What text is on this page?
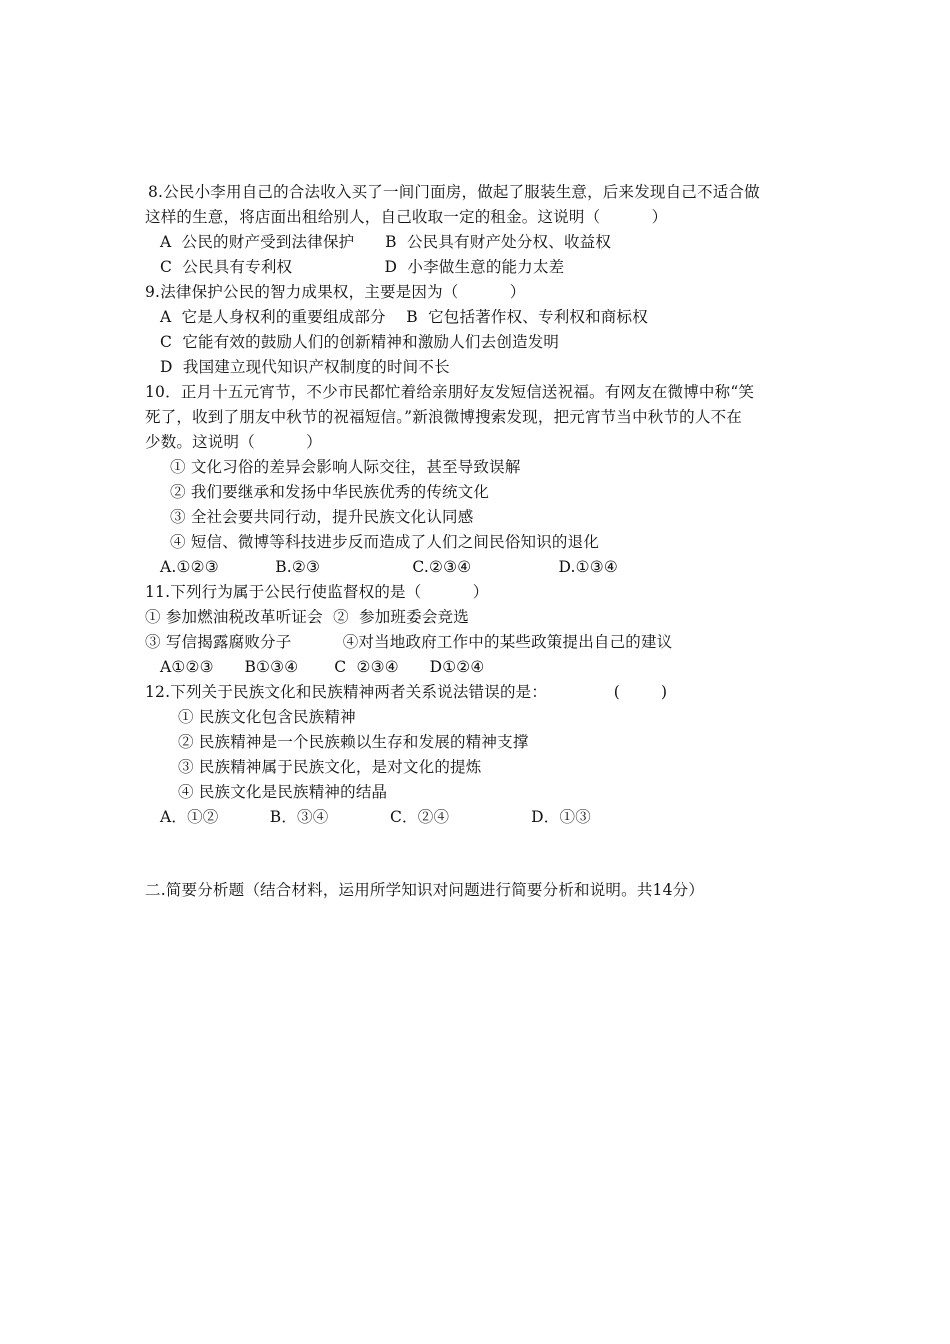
8.公民小李用自己的合法收入买了一间门面房，做起了服装生意，后来发现自己不适合做
这样的生意，将店面出租给别人，自己收取一定的租金。这说明（          ）
A  公民的财产受到法律保护      B  公民具有财产处分权、收益权
C  公民具有专利权                  D  小李做生意的能力太差
9.法律保护公民的智力成果权，主要是因为（          ）
A  它是人身权利的重要组成部分    B  它包括著作权、专利权和商标权
C  它能有效的鼓励人们的创新精神和激励人们去创造发明
D  我国建立现代知识产权制度的时间不长
10．正月十五元宵节，不少市民都忙着给亲朋好友发短信送祝福。有网友在微博中称“笑
死了，收到了朋友中秋节的祝福短信。”新浪微博搜索发现，把元宵节当中秋节的人不在
少数。这说明（          ）
① 文化习俗的差异会影响人际交往，甚至导致误解
② 我们要继承和发扬中华民族优秀的传统文化
③ 全社会要共同行动，提升民族文化认同感
④ 短信、微博等科技进步反而造成了人们之间民俗知识的退化
A.①②③           B.②③                  C.②③④                 D.①③④
11.下列行为属于公民行使监督权的是（          ）
① 参加燃油税改革听证会  ②  参加班委会竞选
③ 写信揭露腐败分子          ④对当地政府工作中的某些政策提出自己的建议
A①②③      B①③④       C  ②③④      D①②④
12.下列关于民族文化和民族精神两者关系说法错误的是：             (        )
① 民族文化包含民族精神
② 民族精神是一个民族赖以生存和发展的精神支撑
③ 民族精神属于民族文化，是对文化的提炼
④ 民族文化是民族精神的结晶
A．①②          B．③④            C．②④                D．①③
二.简要分析题（结合材料，运用所学知识对问题进行简要分析和说明。共14分）
